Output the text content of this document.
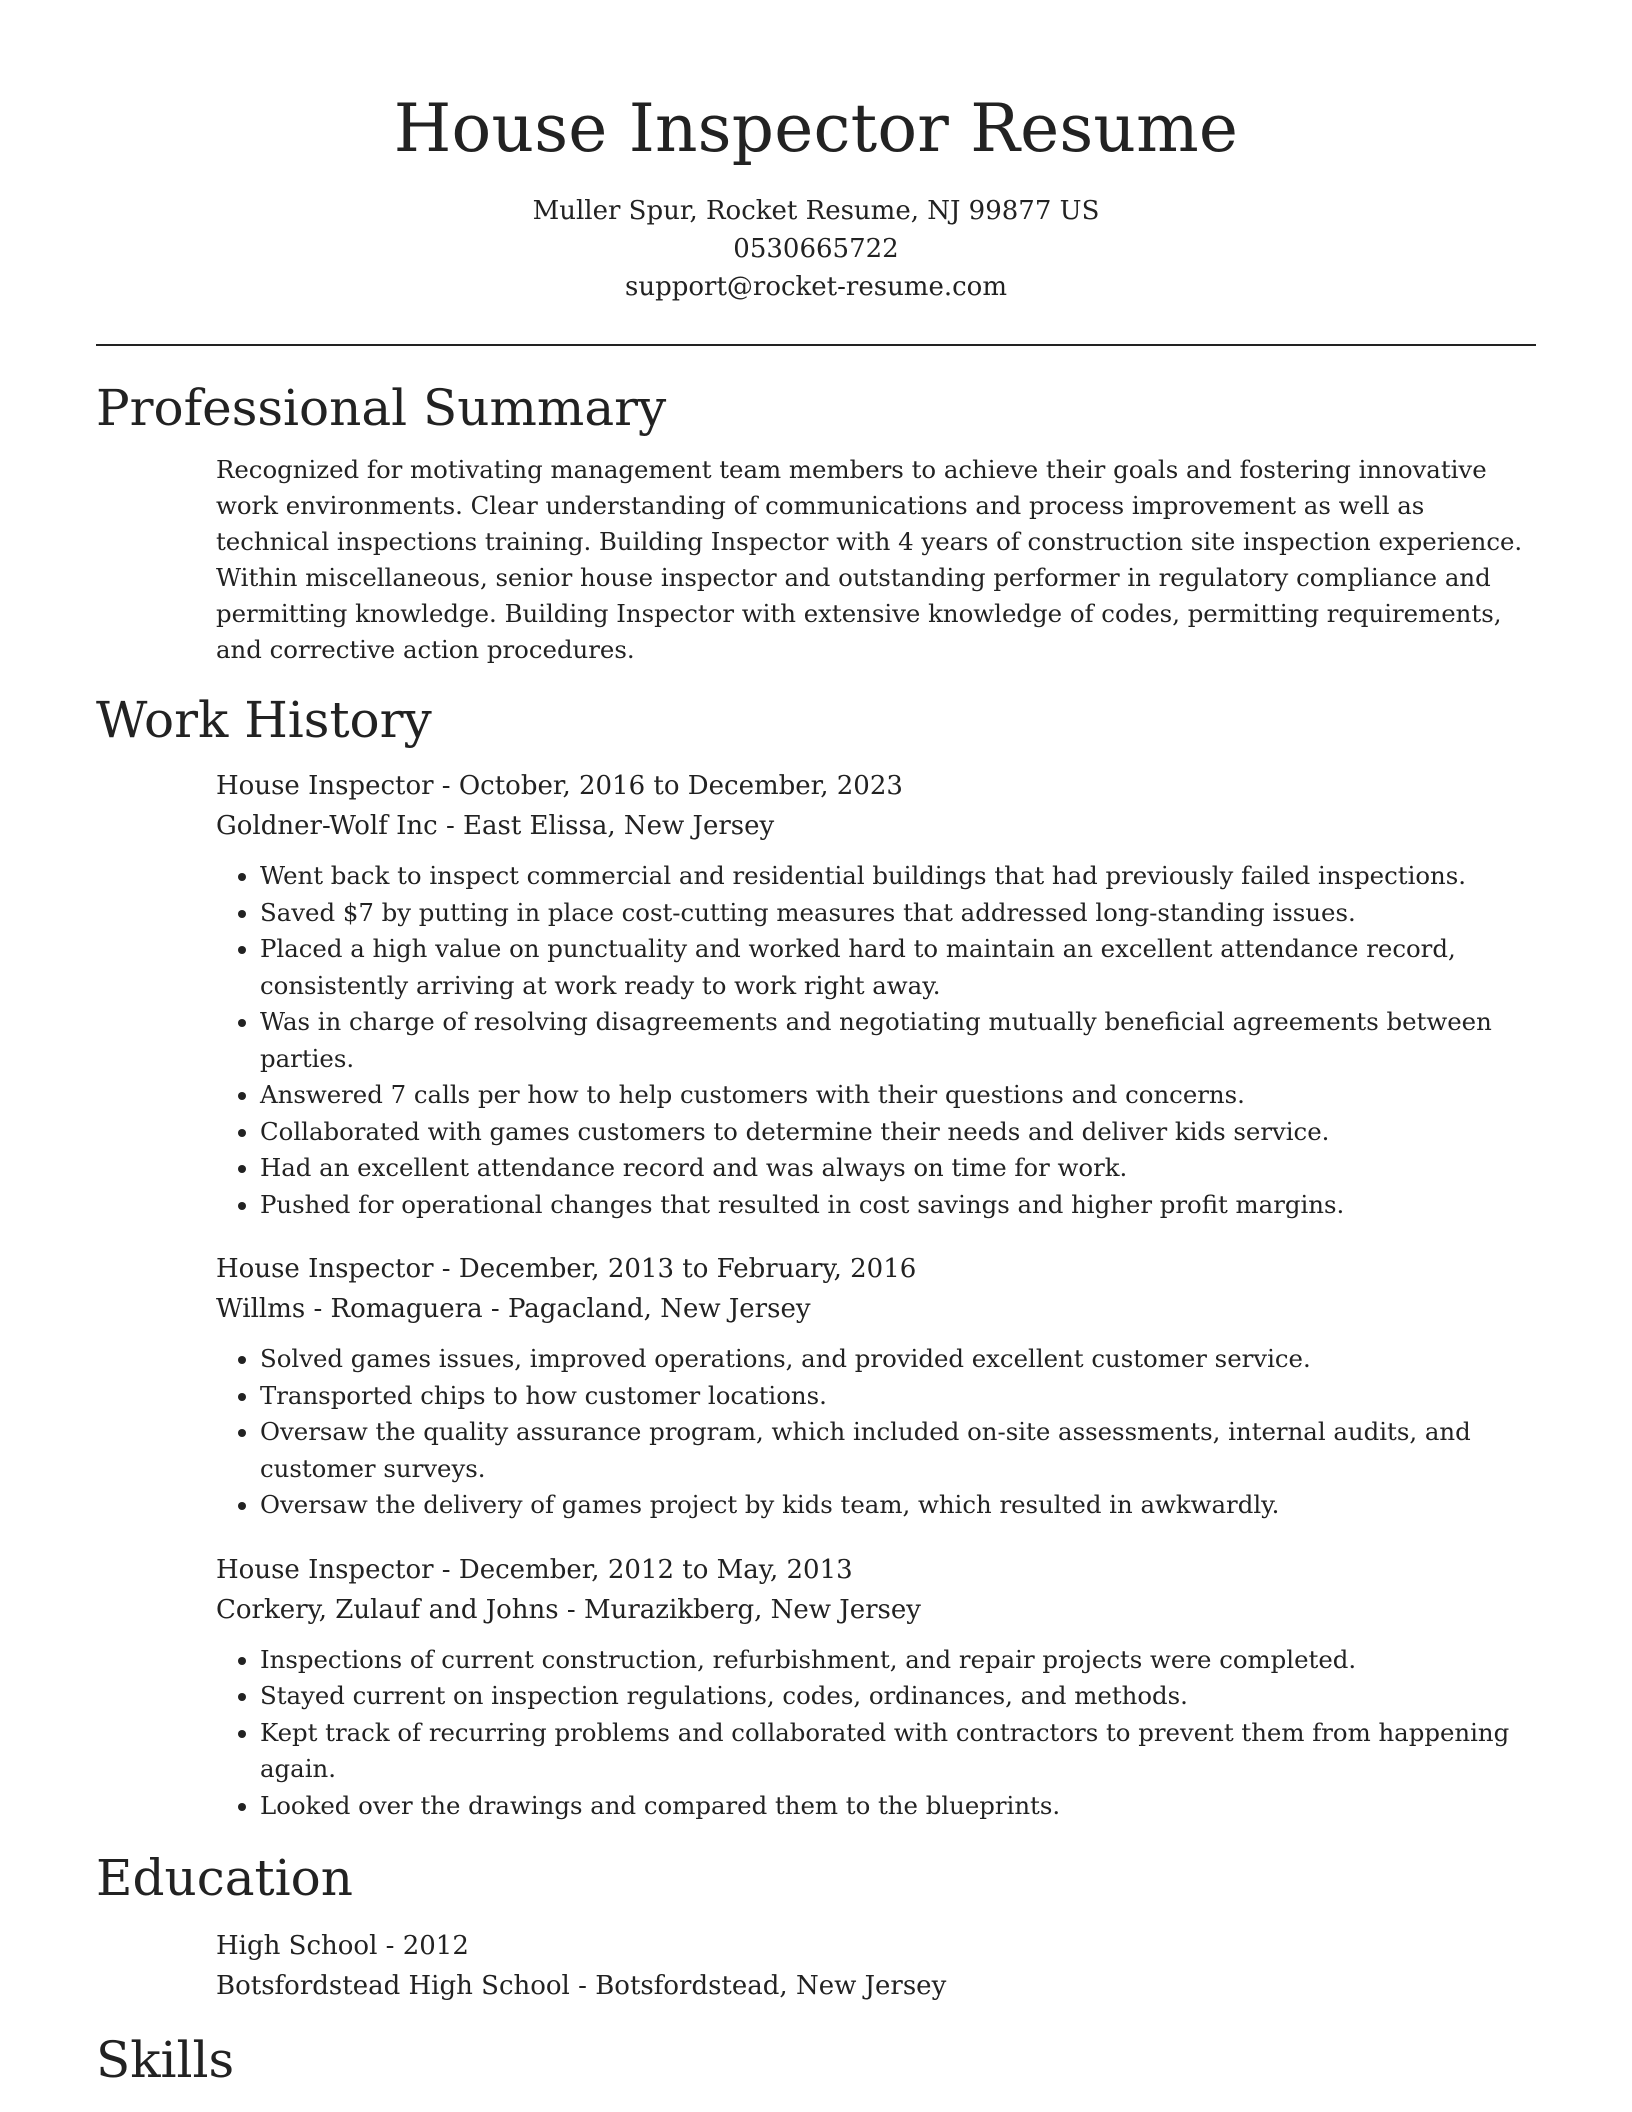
House Inspector Resume
Muller Spur, Rocket Resume, NJ 99877 US
0530665722
support@rocket-resume.com
Professional Summary
Recognized for motivating management team members to achieve their goals and fostering innovative work environments. Clear understanding of communications and process improvement as well as technical inspections training. Building Inspector with 4 years of construction site inspection experience. Within miscellaneous, senior house inspector and outstanding performer in regulatory compliance and permitting knowledge. Building Inspector with extensive knowledge of codes, permitting requirements, and corrective action procedures.
Work History
House Inspector - October, 2016 to December, 2023
Goldner-Wolf Inc - East Elissa, New Jersey
• Went back to inspect commercial and residential buildings that had previously failed inspections.
• Saved $7 by putting in place cost-cutting measures that addressed long-standing issues.
• Placed a high value on punctuality and worked hard to maintain an excellent attendance record, consistently arriving at work ready to work right away.
• Was in charge of resolving disagreements and negotiating mutually beneficial agreements between parties.
• Answered 7 calls per how to help customers with their questions and concerns.
• Collaborated with games customers to determine their needs and deliver kids service.
• Had an excellent attendance record and was always on time for work.
• Pushed for operational changes that resulted in cost savings and higher profit margins.
House Inspector - December, 2013 to February, 2016
Willms - Romaguera - Pagacland, New Jersey
• Solved games issues, improved operations, and provided excellent customer service.
• Transported chips to how customer locations.
• Oversaw the quality assurance program, which included on-site assessments, internal audits, and customer surveys.
• Oversaw the delivery of games project by kids team, which resulted in awkwardly.
House Inspector - December, 2012 to May, 2013
Corkery, Zulauf and Johns - Murazikberg, New Jersey
• Inspections of current construction, refurbishment, and repair projects were completed.
• Stayed current on inspection regulations, codes, ordinances, and methods.
• Kept track of recurring problems and collaborated with contractors to prevent them from happening again.
• Looked over the drawings and compared them to the blueprints.
Education
High School - 2012
Botsfordstead High School - Botsfordstead, New Jersey
Skills
